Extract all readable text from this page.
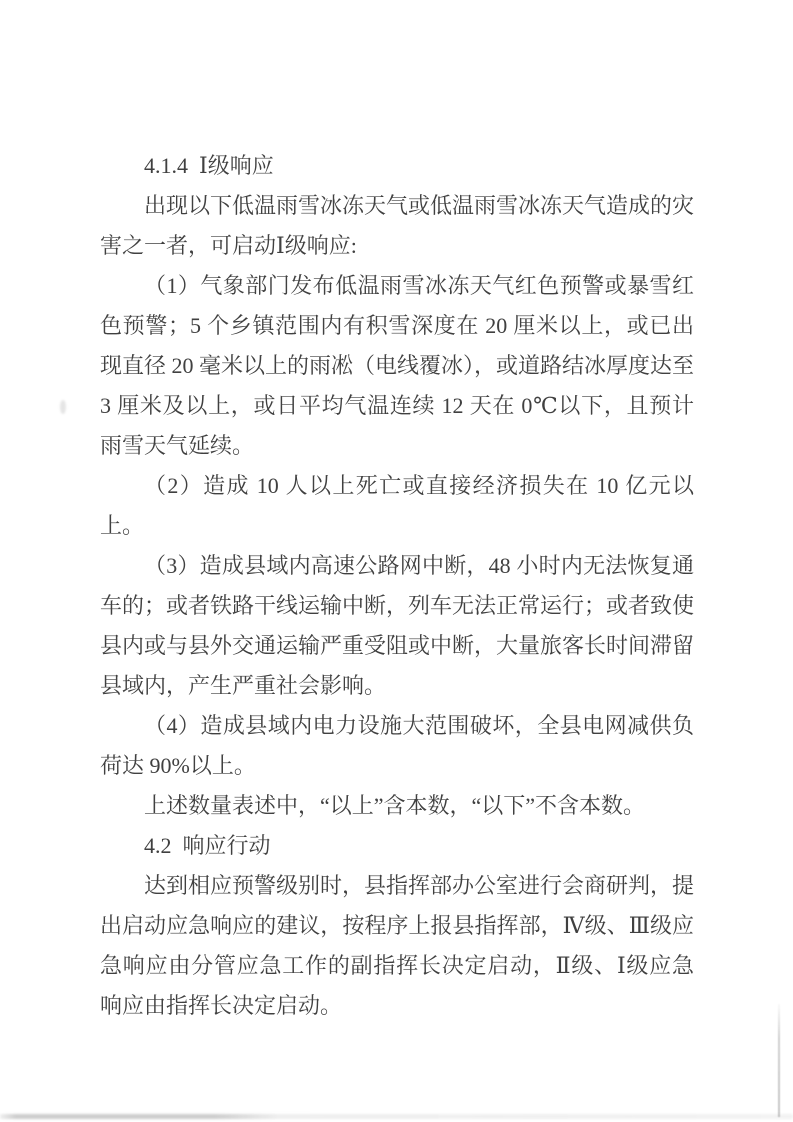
4.1.4  Ⅰ级响应

出现以下低温雨雪冰冻天气或低温雨雪冰冻天气造成的灾害之一者，可启动Ⅰ级响应:

（1）气象部门发布低温雨雪冰冻天气红色预警或暴雪红色预警；5 个乡镇范围内有积雪深度在 20 厘米以上，或已出现直径 20 毫米以上的雨凇（电线覆冰），或道路结冰厚度达至 3 厘米及以上，或日平均气温连续 12 天在 0℃以下，且预计雨雪天气延续。

（2）造成 10 人以上死亡或直接经济损失在 10 亿元以上。

（3）造成县域内高速公路网中断，48 小时内无法恢复通车的；或者铁路干线运输中断，列车无法正常运行；或者致使县内或与县外交通运输严重受阻或中断，大量旅客长时间滞留县域内，产生严重社会影响。

（4）造成县域内电力设施大范围破坏，全县电网减供负荷达 90%以上。

上述数量表述中，“以上”含本数，“以下”不含本数。

4.2  响应行动

达到相应预警级别时，县指挥部办公室进行会商研判，提出启动应急响应的建议，按程序上报县指挥部，Ⅳ级、Ⅲ级应急响应由分管应急工作的副指挥长决定启动，Ⅱ级、Ⅰ级应急响应由指挥长决定启动。
